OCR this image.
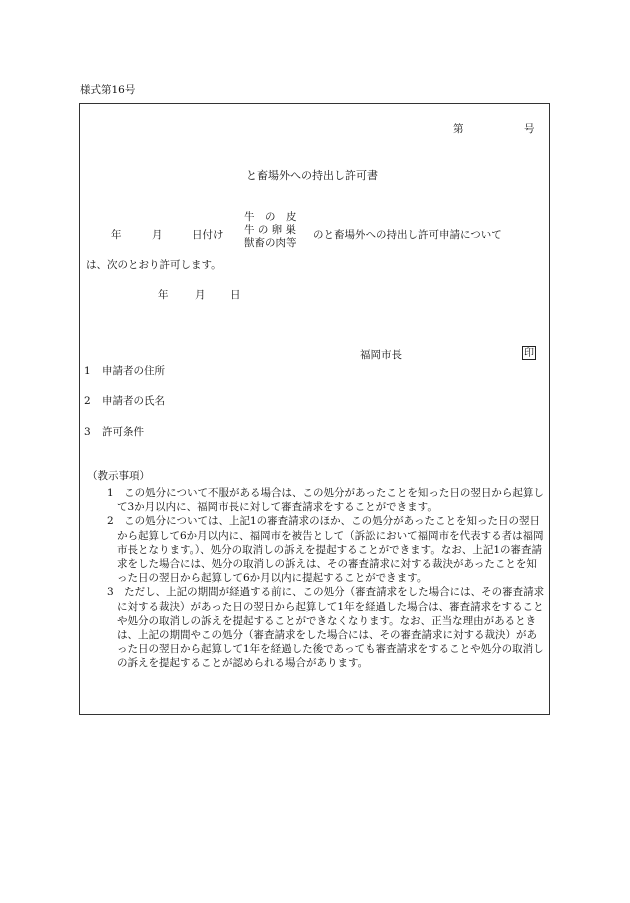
様式第16号
第	号
と畜場外への持出し許可書
年	月	日付け
牛　の　皮
牛 の 卵 巣
獣畜の肉等
のと畜場外への持出し許可申請について
は、次のとおり許可します。
年	月 日
福岡市長	印
1 申請者の住所
2 申請者の氏名
3 許可条件
（教示事項）

1　この処分について不服がある場合は、この処分があったことを知った日の翌日から起算して3か月以内に、福岡市長に対して審査請求をすることができます。

2　この処分については、上記1の審査請求のほか、この処分があったことを知った日の翌日から起算して6か月以内に、福岡市を被告として（訴訟において福岡市を代表する者は福岡市長となります。）、処分の取消しの訴えを提起することができます。なお、上記1の審査請求をした場合には、処分の取消しの訴えは、その審査請求に対する裁決があったことを知った日の翌日から起算して6か月以内に提起することができます。

3　ただし、上記の期間が経過する前に、この処分（審査請求をした場合には、その審査請求に対する裁決）があった日の翌日から起算して1年を経過した場合は、審査請求をすることや処分の取消しの訴えを提起することができなくなります。なお、正当な理由があるときは、上記の期間やこの処分（審査請求をした場合には、その審査請求に対する裁決）があった日の翌日から起算して1年を経過した後であっても審査請求をすることや処分の取消しの訴えを提起することが認められる場合があります。
